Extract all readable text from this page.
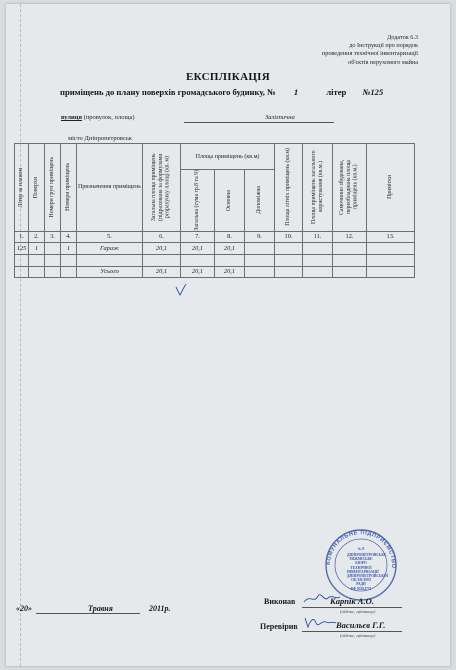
Додаток 6.3
до Інструкції про порядок
проведення технічної інвентаризації
об'єктів нерухомого майна
ЕКСПЛІКАЦІЯ
приміщень до плану поверхів громадського будинку, № 1	літер №125
вулиця (провулок, площа)	Заліznична
місто Дніпропетровськ
Літер за планом	Поверхи	Номери груп приміщень	Номери приміщень	Призначення приміщень	Загальна площа приміщень (підрахована за формулами розрахунку площ) (кв. м)	Площа приміщень (кв.м)			Площа літніх приміщень (кв.м)	Площа приміщень загального користування (кв.м.)	Самочинно збудована, переобладнана площа приміщень (кв.м.)	Примітки

						Загальна (сума гр.8 та 9)	Основна	Допоміжна				

1.	2.	3.	4.	5.	6.	7.	8.	9.	10.	11.	12.	13.
125	1		1	Гараж	20,1	20,1	20,1					

				Усього	20,1	20,1	20,1					
КОМУНАЛЬНЕ ПІДПРИЄМСТВО
№ 8
ДНІПРОПЕТРОВСЬКЕ
МІЖМІСЬКЕ БЮРО
ТЕХНІЧНОЇ
ІНВЕНТАРИЗАЦІЇ
ДНІПРОПЕТРОВСЬКОЇ
ОБЛАСНОЇ РАДИ
КФ 03364774
«20»	Травня	2011р.
Виконав	Карпік А.О.
(підпис, прізвище)
Перевірив	Васильєв Г.Г.
(підпис, прізвище)
